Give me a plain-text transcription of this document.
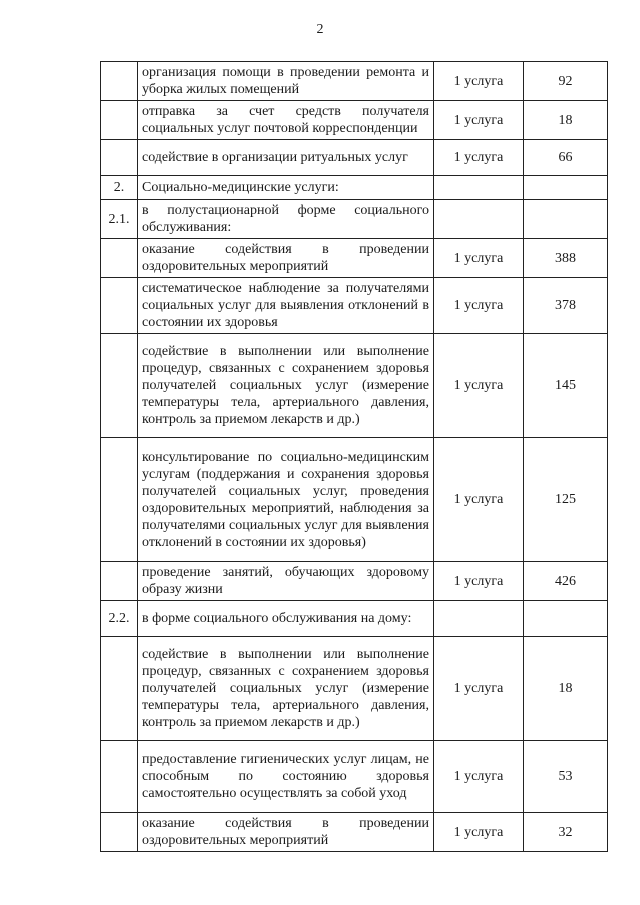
2
	организация помощи в проведении ремонта и уборка жилых помещений	1 услуга	92
	отправка за счет средств получателя социальных услуг почтовой корреспонденции	1 услуга	18
	содействие в организации ритуальных услуг	1 услуга	66
2.	Социально-медицинские услуги:		
2.1.	в полустационарной форме социального обслуживания:		
	оказание содействия в проведении оздоровительных мероприятий	1 услуга	388
	систематическое наблюдение за получателями социальных услуг для выявления отклонений в состоянии их здоровья	1 услуга	378
	содействие в выполнении или выполнение процедур, связанных с сохранением здоровья получателей социальных услуг (измерение температуры тела, артериального давления, контроль за приемом лекарств и др.)	1 услуга	145
	консультирование по социально-медицинским услугам (поддержания и сохранения здоровья получателей социальных услуг, проведения оздоровительных мероприятий, наблюдения за получателями социальных услуг для выявления отклонений в состоянии их здоровья)	1 услуга	125
	проведение занятий, обучающих здоровому образу жизни	1 услуга	426
2.2.	в форме социального обслуживания на дому:		
	содействие в выполнении или выполнение процедур, связанных с сохранением здоровья получателей социальных услуг (измерение температуры тела, артериального давления, контроль за приемом лекарств и др.)	1 услуга	18
	предоставление гигиенических услуг лицам, не способным по состоянию здоровья самостоятельно осуществлять за собой уход	1 услуга	53
	оказание содействия в проведении оздоровительных мероприятий	1 услуга	32
